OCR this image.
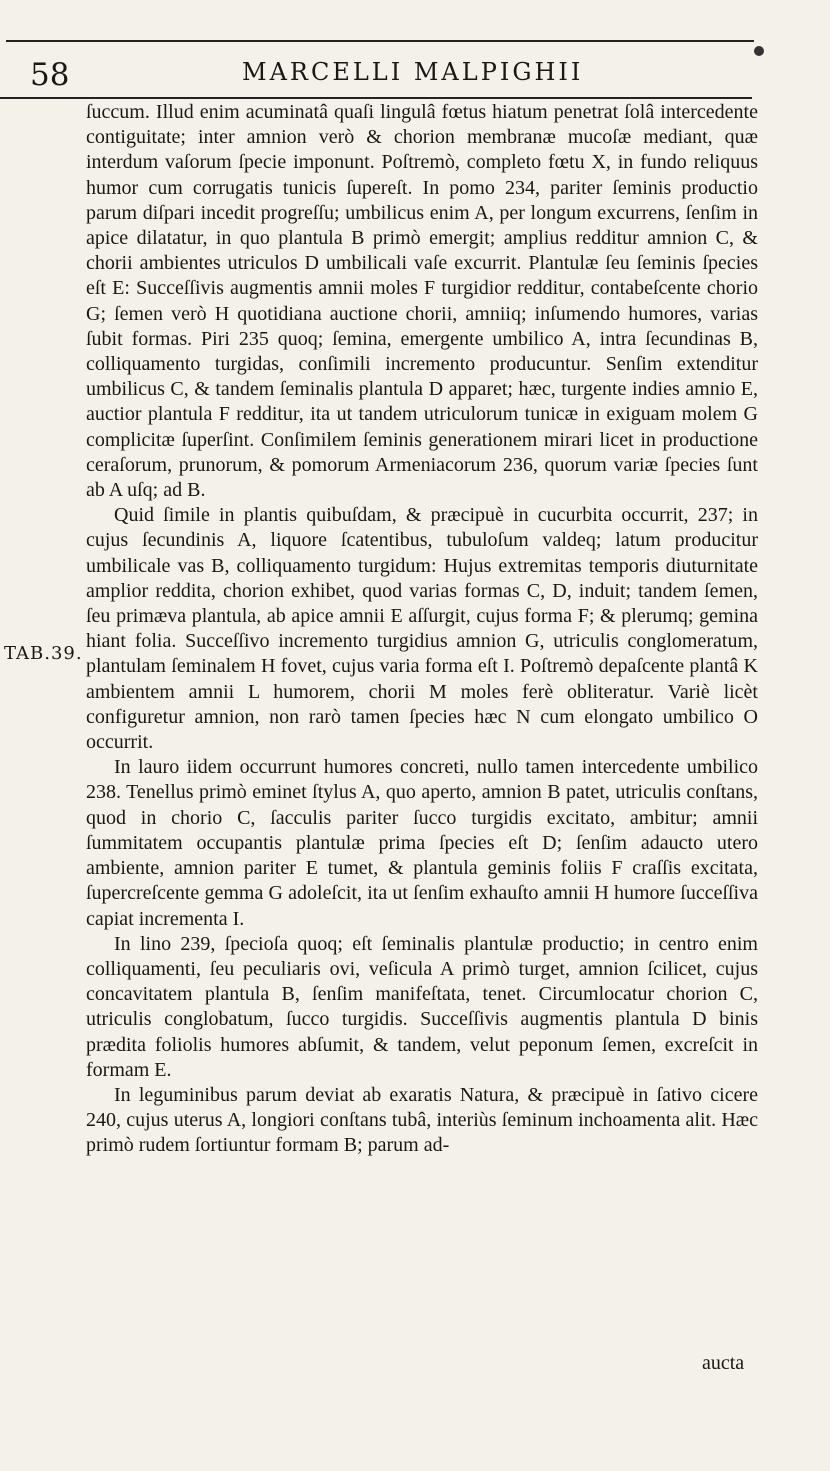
58	MARCELLI MALPIGHII
TAB.39.

ſuccum. Illud enim acuminatâ quaſi lingulâ fœtus hiatum penetrat ſolâ intercedente contiguitate; inter amnion verò & chorion membranæ mucoſæ mediant, quæ interdum vaſorum ſpecie imponunt. Poſtremò, completo fœtu X, in fundo reliquus humor cum corrugatis tunicis ſupereſt. In pomo 234, pariter ſeminis productio parum diſpari incedit progreſſu; umbilicus enim A, per longum excurrens, ſenſim in apice dilatatur, in quo plantula B primò emergit; amplius redditur amnion C, & chorii ambientes utriculos D umbilicali vaſe excurrit. Plantulæ ſeu ſeminis ſpecies eſt E: Succeſſivis augmentis amnii moles F turgidior redditur, contabeſcente chorio G; ſemen verò H quotidiana auctione chorii, amniiq; inſumendo humores, varias ſubit formas. Piri 235 quoq; ſemina, emergente umbilico A, intra ſecundinas B, colliquamento turgidas, conſimili incremento producuntur. Senſim extenditur umbilicus C, & tandem ſeminalis plantula D apparet; hæc, turgente indies amnio E, auctior plantula F redditur, ita ut tandem utriculorum tunicæ in exiguam molem G complicitæ ſuperſint. Conſimilem ſeminis generationem mirari licet in productione ceraſorum, prunorum, & pomorum Armeniacorum 236, quorum variæ ſpecies ſunt ab A uſq; ad B.

Quid ſimile in plantis quibuſdam, & præcipuè in cucurbita occurrit, 237; in cujus ſecundinis A, liquore ſcatentibus, tubuloſum valdeq; latum producitur umbilicale vas B, colliquamento turgidum: Hujus extremitas temporis diuturnitate amplior reddita, chorion exhibet, quod varias formas C, D, induit; tandem ſemen, ſeu primæva plantula, ab apice amnii E aſſurgit, cujus forma F; & plerumq; gemina hiant folia. Succeſſivo incremento turgidius amnion G, utriculis conglomeratum, plantulam ſeminalem H fovet, cujus varia forma eſt I. Poſtremò depaſcente plantâ K ambientem amnii L humorem, chorii M moles ferè obliteratur. Variè licèt configuretur amnion, non rarò tamen ſpecies hæc N cum elongato umbilico O occurrit.

In lauro iidem occurrunt humores concreti, nullo tamen intercedente umbilico 238. Tenellus primò eminet ſtylus A, quo aperto, amnion B patet, utriculis conſtans, quod in chorio C, ſacculis pariter ſucco turgidis excitato, ambitur; amnii ſummitatem occupantis plantulæ prima ſpecies eſt D; ſenſim adaucto utero ambiente, amnion pariter E tumet, & plantula geminis foliis F craſſis excitata, ſupercreſcente gemma G adoleſcit, ita ut ſenſim exhauſto amnii H humore ſucceſſiva capiat incrementa I.

In lino 239, ſpecioſa quoq; eſt ſeminalis plantulæ productio; in centro enim colliquamenti, ſeu peculiaris ovi, veſicula A primò turget, amnion ſcilicet, cujus concavitatem plantula B, ſenſim manifeſtata, tenet. Circumlocatur chorion C, utriculis conglobatum, ſucco turgidis. Succeſſivis augmentis plantula D binis prædita foliolis humores abſumit, & tandem, velut peponum ſemen, excreſcit in formam E.

In leguminibus parum deviat ab exaratis Natura, & præcipuè in ſativo cicere 240, cujus uterus A, longiori conſtans tubâ, interiùs ſeminum inchoamenta alit. Hæc primò rudem ſortiuntur formam B; parum ad-

aucta
